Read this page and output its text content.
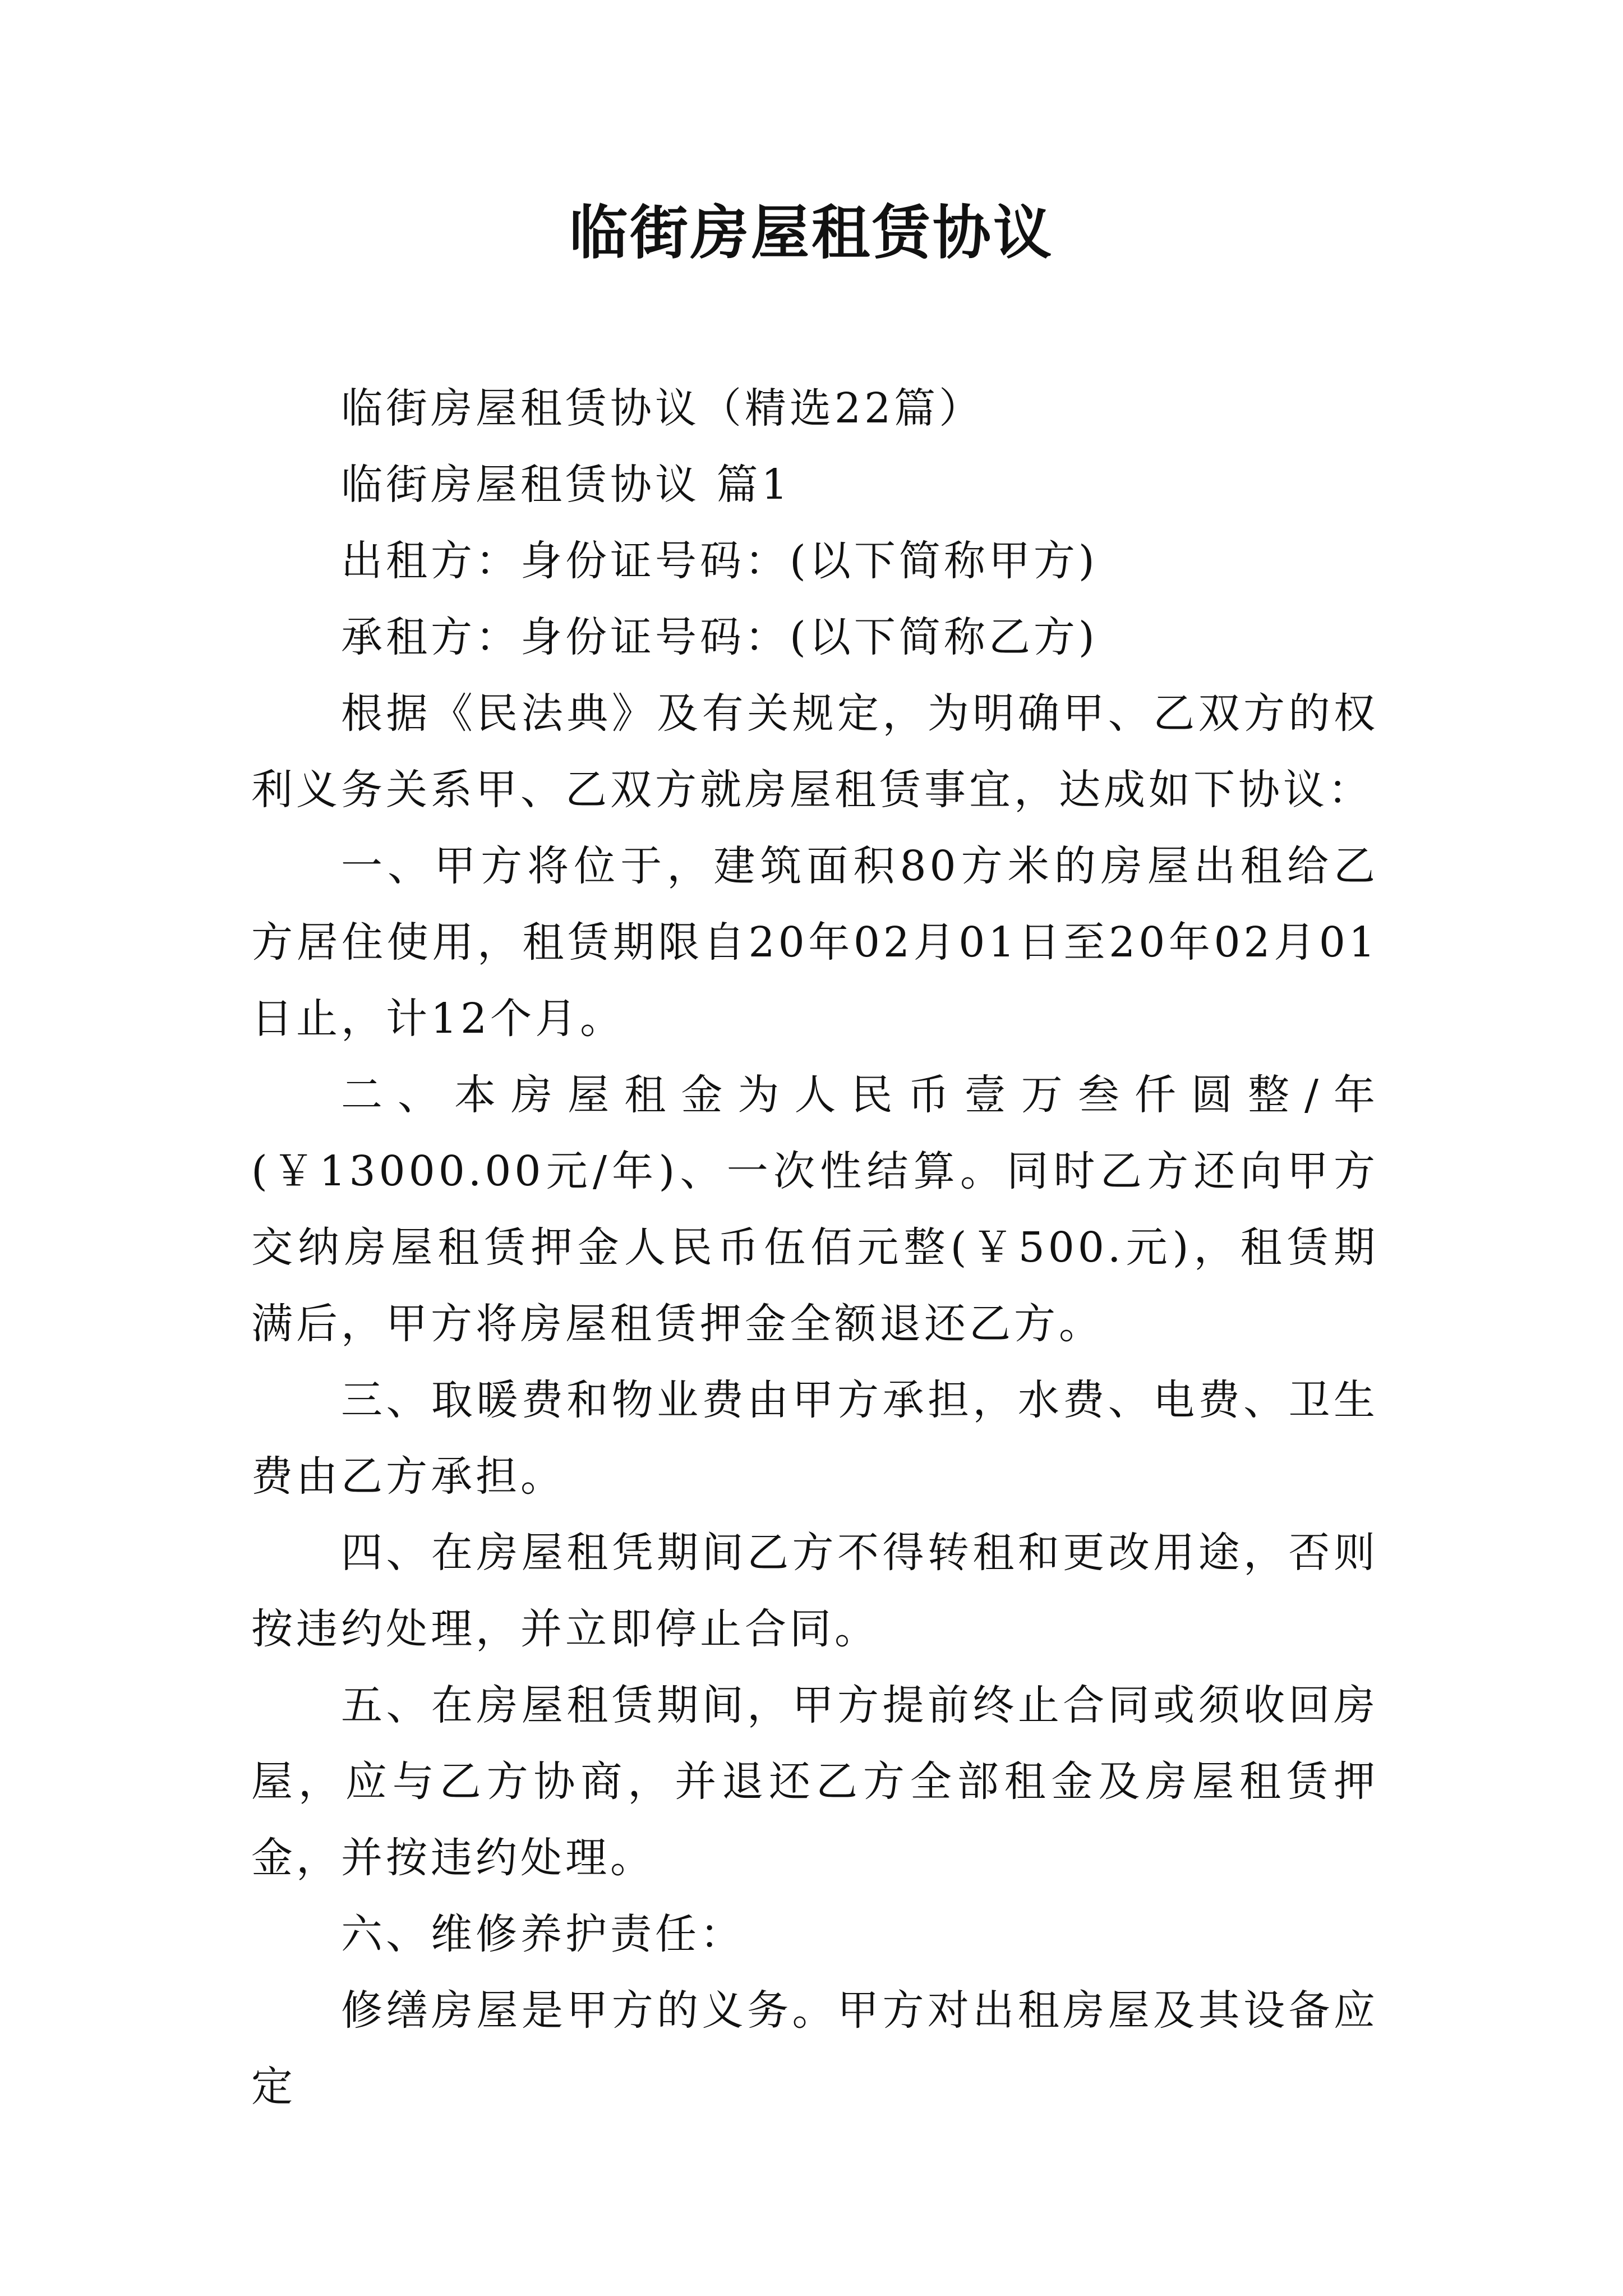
临街房屋租赁协议

临街房屋租赁协议（精选22篇）

临街房屋租赁协议 篇1

出租方：身份证号码：(以下简称甲方)

承租方：身份证号码：(以下简称乙方)

根据《民法典》及有关规定，为明确甲、乙双方的权利义务关系甲、乙双方就房屋租赁事宜，达成如下协议：

一、甲方将位于，建筑面积80方米的房屋出租给乙方居住使用，租赁期限自20年02月01日至20年02月01日止，计12个月。

二、本房屋租金为人民币壹万叁仟圆整/年(￥13000.00元/年)、一次性结算。同时乙方还向甲方交纳房屋租赁押金人民币伍佰元整(￥500.元)，租赁期满后，甲方将房屋租赁押金全额退还乙方。

三、取暖费和物业费由甲方承担，水费、电费、卫生费由乙方承担。

四、在房屋租凭期间乙方不得转租和更改用途，否则按违约处理，并立即停止合同。

五、在房屋租赁期间，甲方提前终止合同或须收回房屋，应与乙方协商，并退还乙方全部租金及房屋租赁押金，并按违约处理。

六、维修养护责任：

修缮房屋是甲方的义务。甲方对出租房屋及其设备应定
